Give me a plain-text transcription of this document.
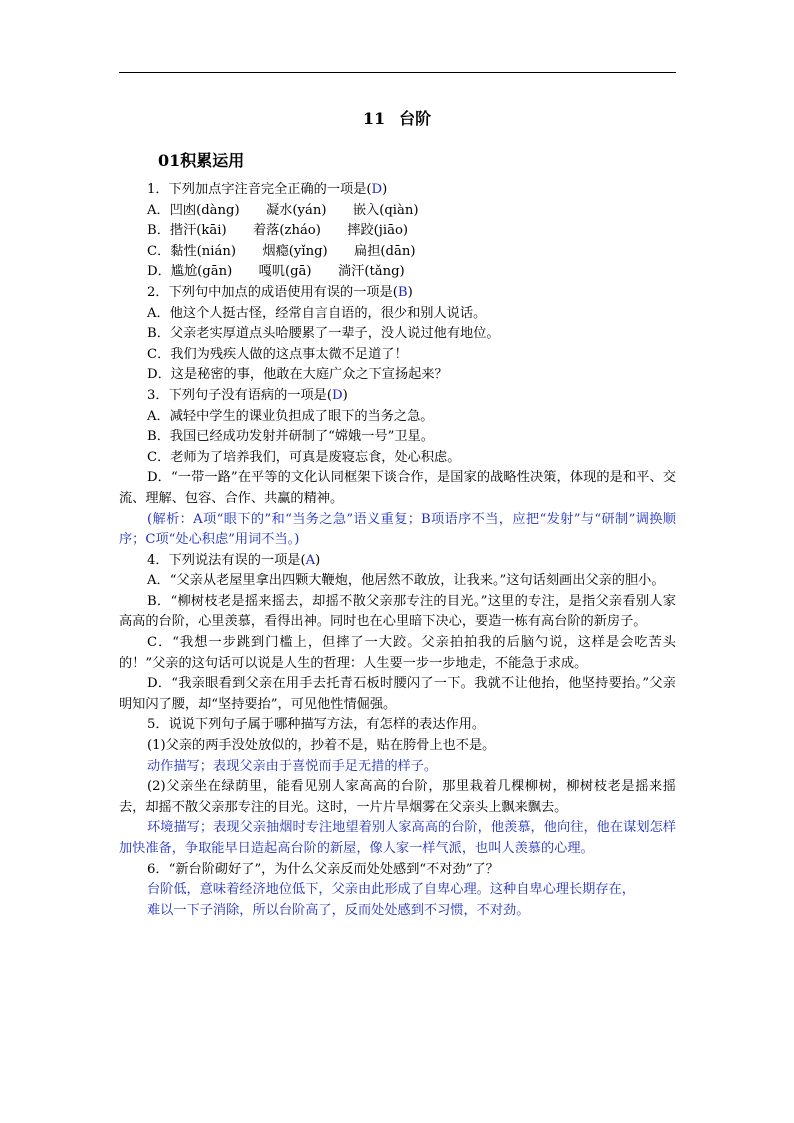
11 台阶
01积累运用
1．下列加点字注音完全正确的一项是(D)
A．凹凼(dàng)　　凝水(yán)　　嵌入(qiàn)
B．揩汗(kāi)　　着落(zháo)　　摔跤(jiāo)
C．黏性(nián)　　烟瘾(yǐng)　　扁担(dān)
D．尴尬(gān)　　嘎叽(gā)　　淌汗(tǎng)
2．下列句中加点的成语使用有误的一项是(B)
A．他这个人挺古怪，经常自言自语的，很少和别人说话。
B．父亲老实厚道点头哈腰累了一辈子，没人说过他有地位。
C．我们为残疾人做的这点事太微不足道了！
D．这是秘密的事，他敢在大庭广众之下宣扬起来？
3．下列句子没有语病的一项是(D)
A．减轻中学生的课业负担成了眼下的当务之急。
B．我国已经成功发射并研制了“嫦娥一号”卫星。
C．老师为了培养我们，可真是废寝忘食，处心积虑。
D．“一带一路”在平等的文化认同框架下谈合作，是国家的战略性决策，体现的是和平、交流、理解、包容、合作、共赢的精神。
(解析：A项“眼下的”和“当务之急”语义重复；B项语序不当，应把“发射”与“研制”调换顺序；C项“处心积虑”用词不当。)
4．下列说法有误的一项是(A)
A．“父亲从老屋里拿出四颗大鞭炮，他居然不敢放，让我来。”这句话刻画出父亲的胆小。
B．“柳树枝老是摇来摇去，却摇不散父亲那专注的目光。”这里的专注，是指父亲看别人家高高的台阶，心里羡慕，看得出神。同时也在心里暗下决心，要造一栋有高台阶的新房子。
C．“我想一步跳到门槛上，但摔了一大跤。父亲拍拍我的后脑勺说，这样是会吃苦头的！”父亲的这句话可以说是人生的哲理：人生要一步一步地走，不能急于求成。
D．“我亲眼看到父亲在用手去托青石板时腰闪了一下。我就不让他抬，他坚持要抬。”父亲明知闪了腰，却“坚持要抬”，可见他性情倔强。
5．说说下列句子属于哪种描写方法，有怎样的表达作用。
(1)父亲的两手没处放似的，抄着不是，贴在胯骨上也不是。
动作描写；表现父亲由于喜悦而手足无措的样子。
(2)父亲坐在绿荫里，能看见别人家高高的台阶，那里栽着几棵柳树，柳树枝老是摇来摇去，却摇不散父亲那专注的目光。这时，一片片旱烟雾在父亲头上飘来飘去。
环境描写；表现父亲抽烟时专注地望着别人家高高的台阶，他羡慕，他向往，他在谋划怎样加快准备，争取能早日造起高台阶的新屋，像人家一样气派，也叫人羡慕的心理。
6．“新台阶砌好了”，为什么父亲反而处处感到“不对劲”了？
台阶低，意味着经济地位低下，父亲由此形成了自卑心理。这种自卑心理长期存在，
难以一下子消除，所以台阶高了，反而处处感到不习惯，不对劲。
